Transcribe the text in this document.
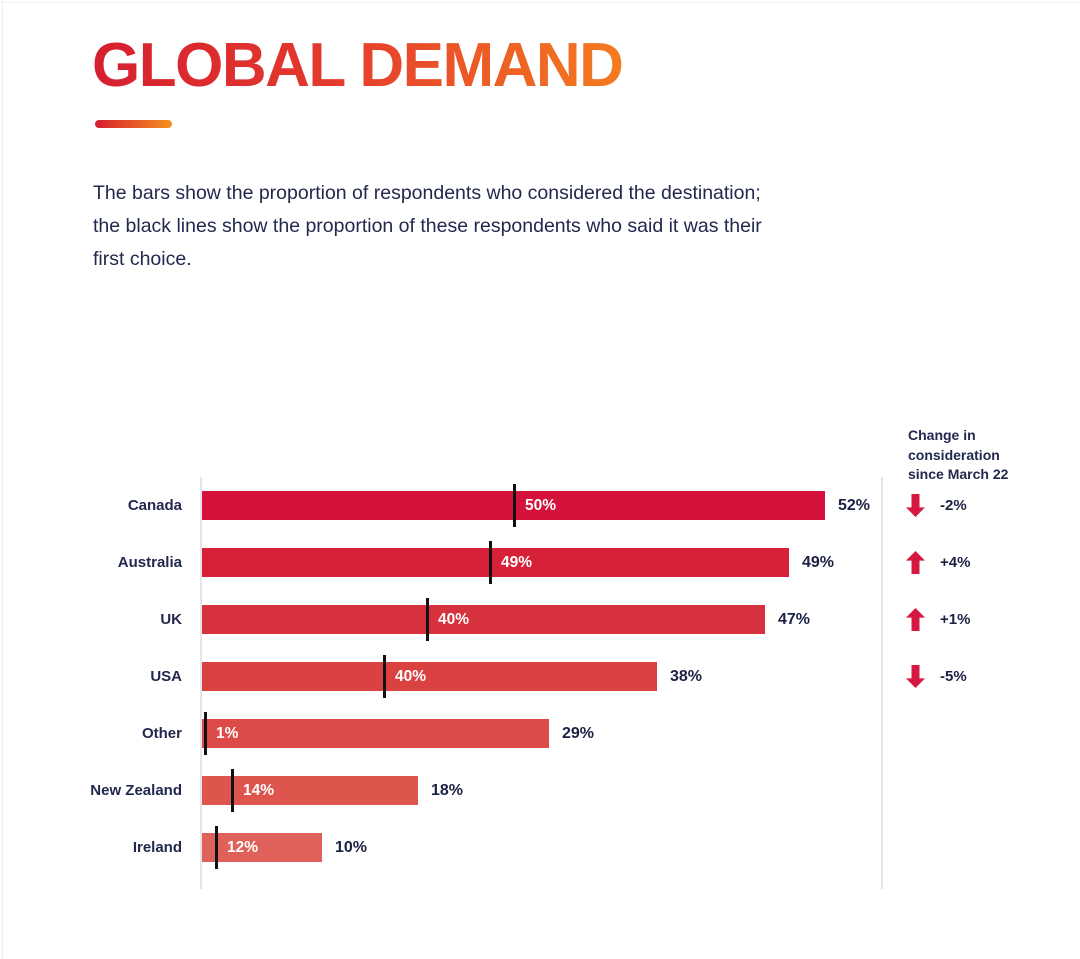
GLOBAL DEMAND
The bars show the proportion of respondents who considered the destination;
the black lines show the proportion of these respondents who said it was their
first choice.
Change in consideration since March 22
Canada	50%	52%	-2%
Australia	49%	49%	+4%
UK	40%	47%	+1%
USA	40%	38%	-5%
Other 1%	29%
New Zealand	14%	18%
Ireland	12%	10%
